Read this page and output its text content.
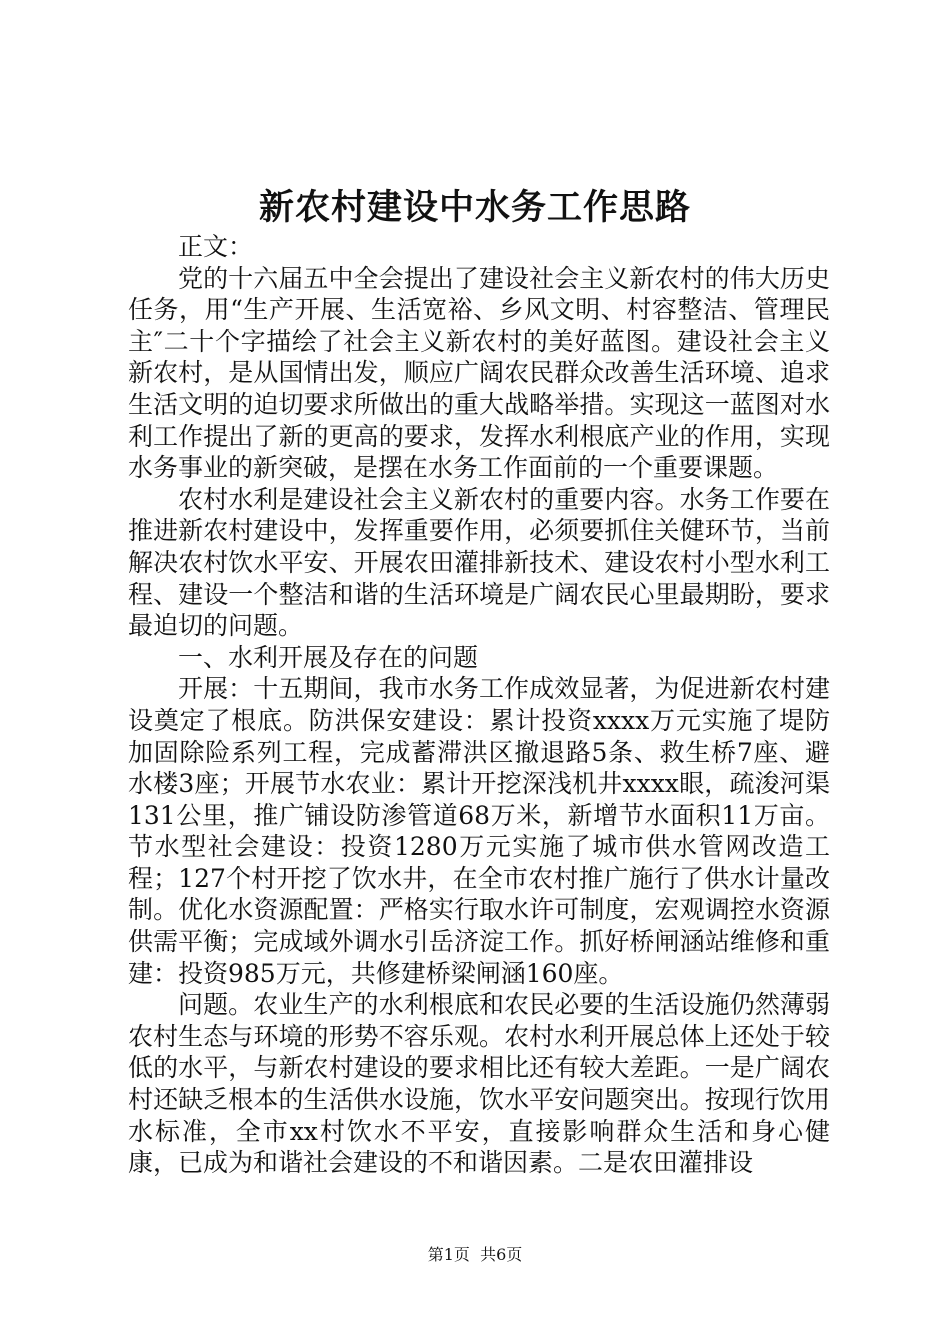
新农村建设中水务工作思路

正文：

党的十六届五中全会提出了建设社会主义新农村的伟大历史任务，用“生产开展、生活宽裕、乡风文明、村容整洁、管理民主″二十个字描绘了社会主义新农村的美好蓝图。建设社会主义新农村，是从国情出发，顺应广阔农民群众改善生活环境、追求生活文明的迫切要求所做出的重大战略举措。实现这一蓝图对水利工作提出了新的更高的要求，发挥水利根底产业的作用，实现水务事业的新突破，是摆在水务工作面前的一个重要课题。

农村水利是建设社会主义新农村的重要内容。水务工作要在推进新农村建设中，发挥重要作用，必须要抓住关健环节，当前解决农村饮水平安、开展农田灌排新技术、建设农村小型水利工程、建设一个整洁和谐的生活环境是广阔农民心里最期盼，要求最迫切的问题。

一、水利开展及存在的问题

开展：十五期间，我市水务工作成效显著，为促进新农村建设奠定了根底。防洪保安建设：累计投资xxxx万元实施了堤防加固除险系列工程，完成蓄滞洪区撤退路5条、救生桥7座、避水楼3座；开展节水农业：累计开挖深浅机井xxxx眼，疏浚河渠131公里，推广铺设防渗管道68万米，新增节水面积11万亩。节水型社会建设：投资1280万元实施了城市供水管网改造工程；127个村开挖了饮水井，在全市农村推广施行了供水计量改制。优化水资源配置：严格实行取水许可制度，宏观调控水资源供需平衡；完成域外调水引岳济淀工作。抓好桥闸涵站维修和重建：投资985万元，共修建桥梁闸涵160座。

问题。农业生产的水利根底和农民必要的生活设施仍然薄弱农村生态与环境的形势不容乐观。农村水利开展总体上还处于较低的水平，与新农村建设的要求相比还有较大差距。一是广阔农村还缺乏根本的生活供水设施，饮水平安问题突出。按现行饮用水标准，全市xx村饮水不平安，直接影响群众生活和身心健康，已成为和谐社会建设的不和谐因素。二是农田灌排设

第1页 共6页
